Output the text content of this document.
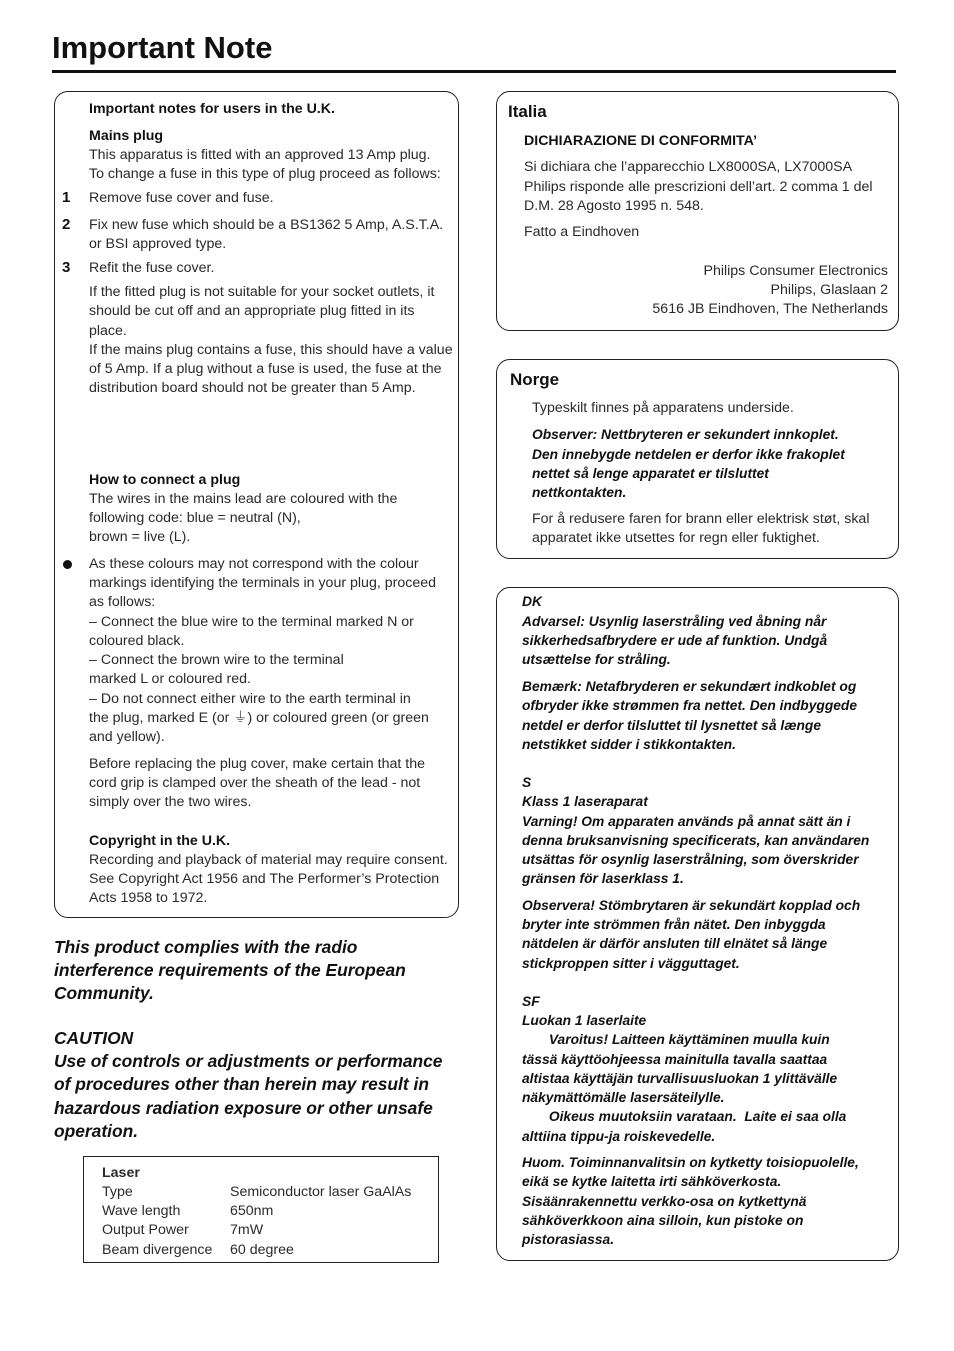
Important Note
Important notes for users in the U.K.
Mains plug
This apparatus is fitted with an approved 13 Amp plug.
To change a fuse in this type of plug proceed as follows:
1 Remove fuse cover and fuse.
2 Fix new fuse which should be a BS1362 5 Amp, A.S.T.A.
or BSI approved type.
3 Refit the fuse cover.
If the fitted plug is not suitable for your socket outlets, it
should be cut off and an appropriate plug fitted in its
place.
If the mains plug contains a fuse, this should have a value
of 5 Amp. If a plug without a fuse is used, the fuse at the
distribution board should not be greater than 5 Amp.
How to connect a plug
The wires in the mains lead are coloured with the
following code: blue = neutral (N),
brown = live (L).
As these colours may not correspond with the colour
markings identifying the terminals in your plug, proceed
as follows:
– Connect the blue wire to the terminal marked N or
coloured black.
– Connect the brown wire to the terminal
marked L or coloured red.
– Do not connect either wire to the earth terminal in
the plug, marked E (or ⏚) or coloured green (or green
and yellow).
Before replacing the plug cover, make certain that the
cord grip is clamped over the sheath of the lead - not
simply over the two wires.
Copyright in the U.K.
Recording and playback of material may require consent.
See Copyright Act 1956 and The Performer’s Protection
Acts 1958 to 1972.
This product complies with the radio
interference requirements of the European
Community.
CAUTION
Use of controls or adjustments or performance
of procedures other than herein may result in
hazardous radiation exposure or other unsafe
operation.
Laser
Type	Semiconductor laser GaAlAs
Wave length	650nm
Output Power	7mW
Beam divergence 60 degree
Italia
DICHIARAZIONE DI CONFORMITA’
Si dichiara che l’apparecchio LX8000SA, LX7000SA
Philips risponde alle prescrizioni dell’art. 2 comma 1 del
D.M. 28 Agosto 1995 n. 548.
Fatto a Eindhoven
Philips Consumer Electronics
Philips, Glaslaan 2
5616 JB Eindhoven, The Netherlands
Norge
Typeskilt finnes på apparatens underside.
Observer: Nettbryteren er sekundert innkoplet.
Den innebygde netdelen er derfor ikke frakoplet
nettet så lenge apparatet er tilsluttet
nettkontakten.
For å redusere faren for brann eller elektrisk støt, skal
apparatet ikke utsettes for regn eller fuktighet.
DK
Advarsel: Usynlig laserstråling ved åbning når
sikkerhedsafbrydere er ude af funktion. Undgå
utsættelse for stråling.
Bemærk: Netafbryderen er sekundært indkoblet og
ofbryder ikke strømmen fra nettet. Den indbyggede
netdel er derfor tilsluttet til lysnettet så længe
netstikket sidder i stikkontakten.
S
Klass 1 laseraparat
Varning! Om apparaten används på annat sätt än i
denna bruksanvisning specificerats, kan användaren
utsättas för osynlig laserstrålning, som överskrider
gränsen för laserklass 1.
Observera! Stömbrytaren är sekundärt kopplad och
bryter inte strömmen från nätet. Den inbyggda
nätdelen är därför ansluten till elnätet så länge
stickproppen sitter i vägguttaget.
SF
Luokan 1 laserlaite
Varoitus! Laitteen käyttäminen muulla kuin
tässä käyttöohjeessa mainitulla tavalla saattaa
altistaa käyttäjän turvallisuusluokan 1 ylittävälle
näkymättömälle lasersäteilylle.
Oikeus muutoksiin varataan.  Laite ei saa olla
alttiina tippu-ja roiskevedelle.
Huom. Toiminnanvalitsin on kytketty toisiopuolelle,
eikä se kytke laitetta irti sähköverkosta.
Sisäänrakennettu verkko-osa on kytkettynä
sähköverkkoon aina silloin, kun pistoke on
pistorasiassa.
